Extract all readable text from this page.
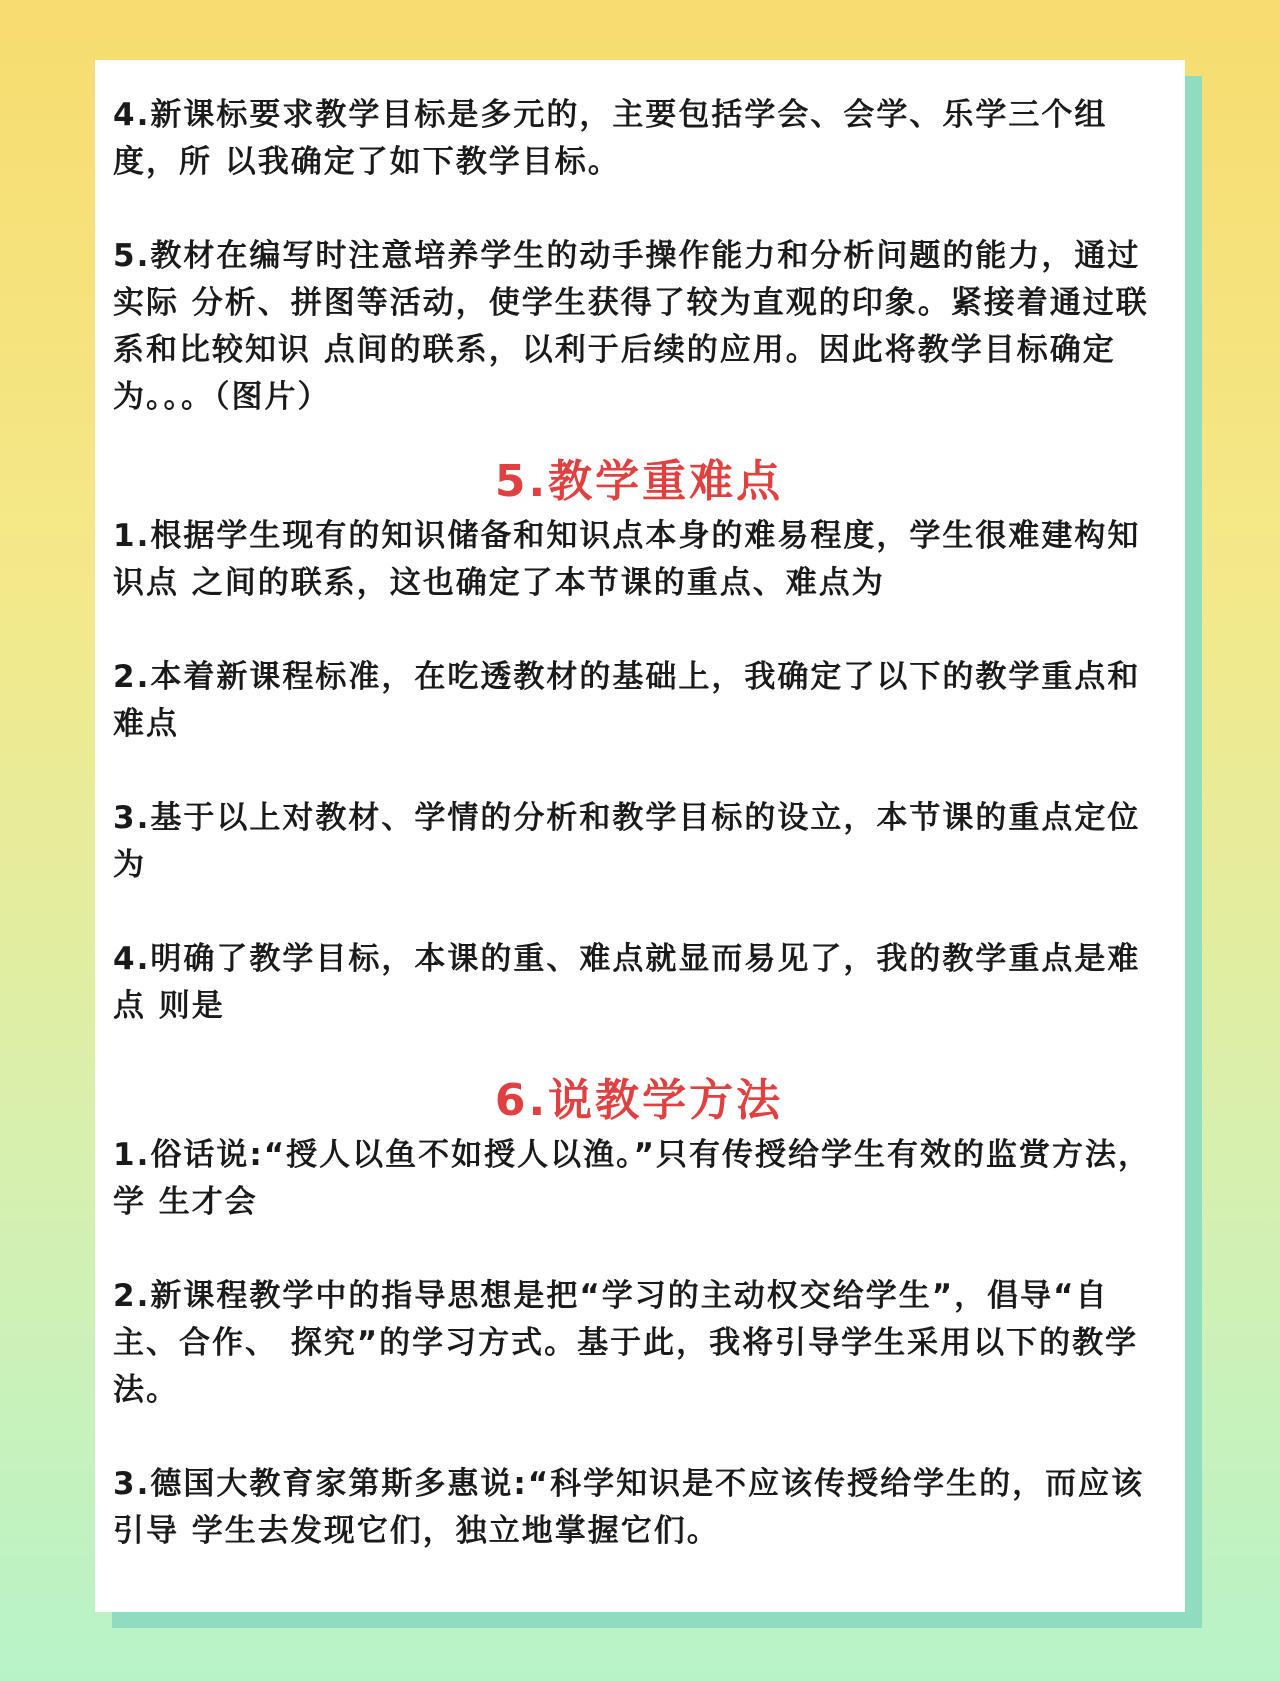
4.新课标要求教学目标是多元的，主要包括学会、会学、乐学三个组度，所 以我确定了如下教学目标。

5.教材在编写时注意培养学生的动手操作能力和分析问题的能力，通过实际 分析、拼图等活动，使学生获得了较为直观的印象。紧接着通过联系和比较知识 点间的联系，以利于后续的应用。因此将教学目标确定为。。。（图片）

5.教学重难点

1.根据学生现有的知识储备和知识点本身的难易程度，学生很难建构知识点 之间的联系，这也确定了本节课的重点、难点为

2.本着新课程标准，在吃透教材的基础上，我确定了以下的教学重点和难点

3.基于以上对教材、学情的分析和教学目标的设立，本节课的重点定位为

4.明确了教学目标，本课的重、难点就显而易见了，我的教学重点是难点 则是

6.说教学方法

1.俗话说:“授人以鱼不如授人以渔。”只有传授给学生有效的监赏方法，学 生才会

2.新课程教学中的指导思想是把“学习的主动权交给学生”，倡导“自主、合作、 探究”的学习方式。基于此，我将引导学生采用以下的教学法。

3.德国大教育家第斯多惠说:“科学知识是不应该传授给学生的，而应该引导 学生去发现它们，独立地掌握它们。
